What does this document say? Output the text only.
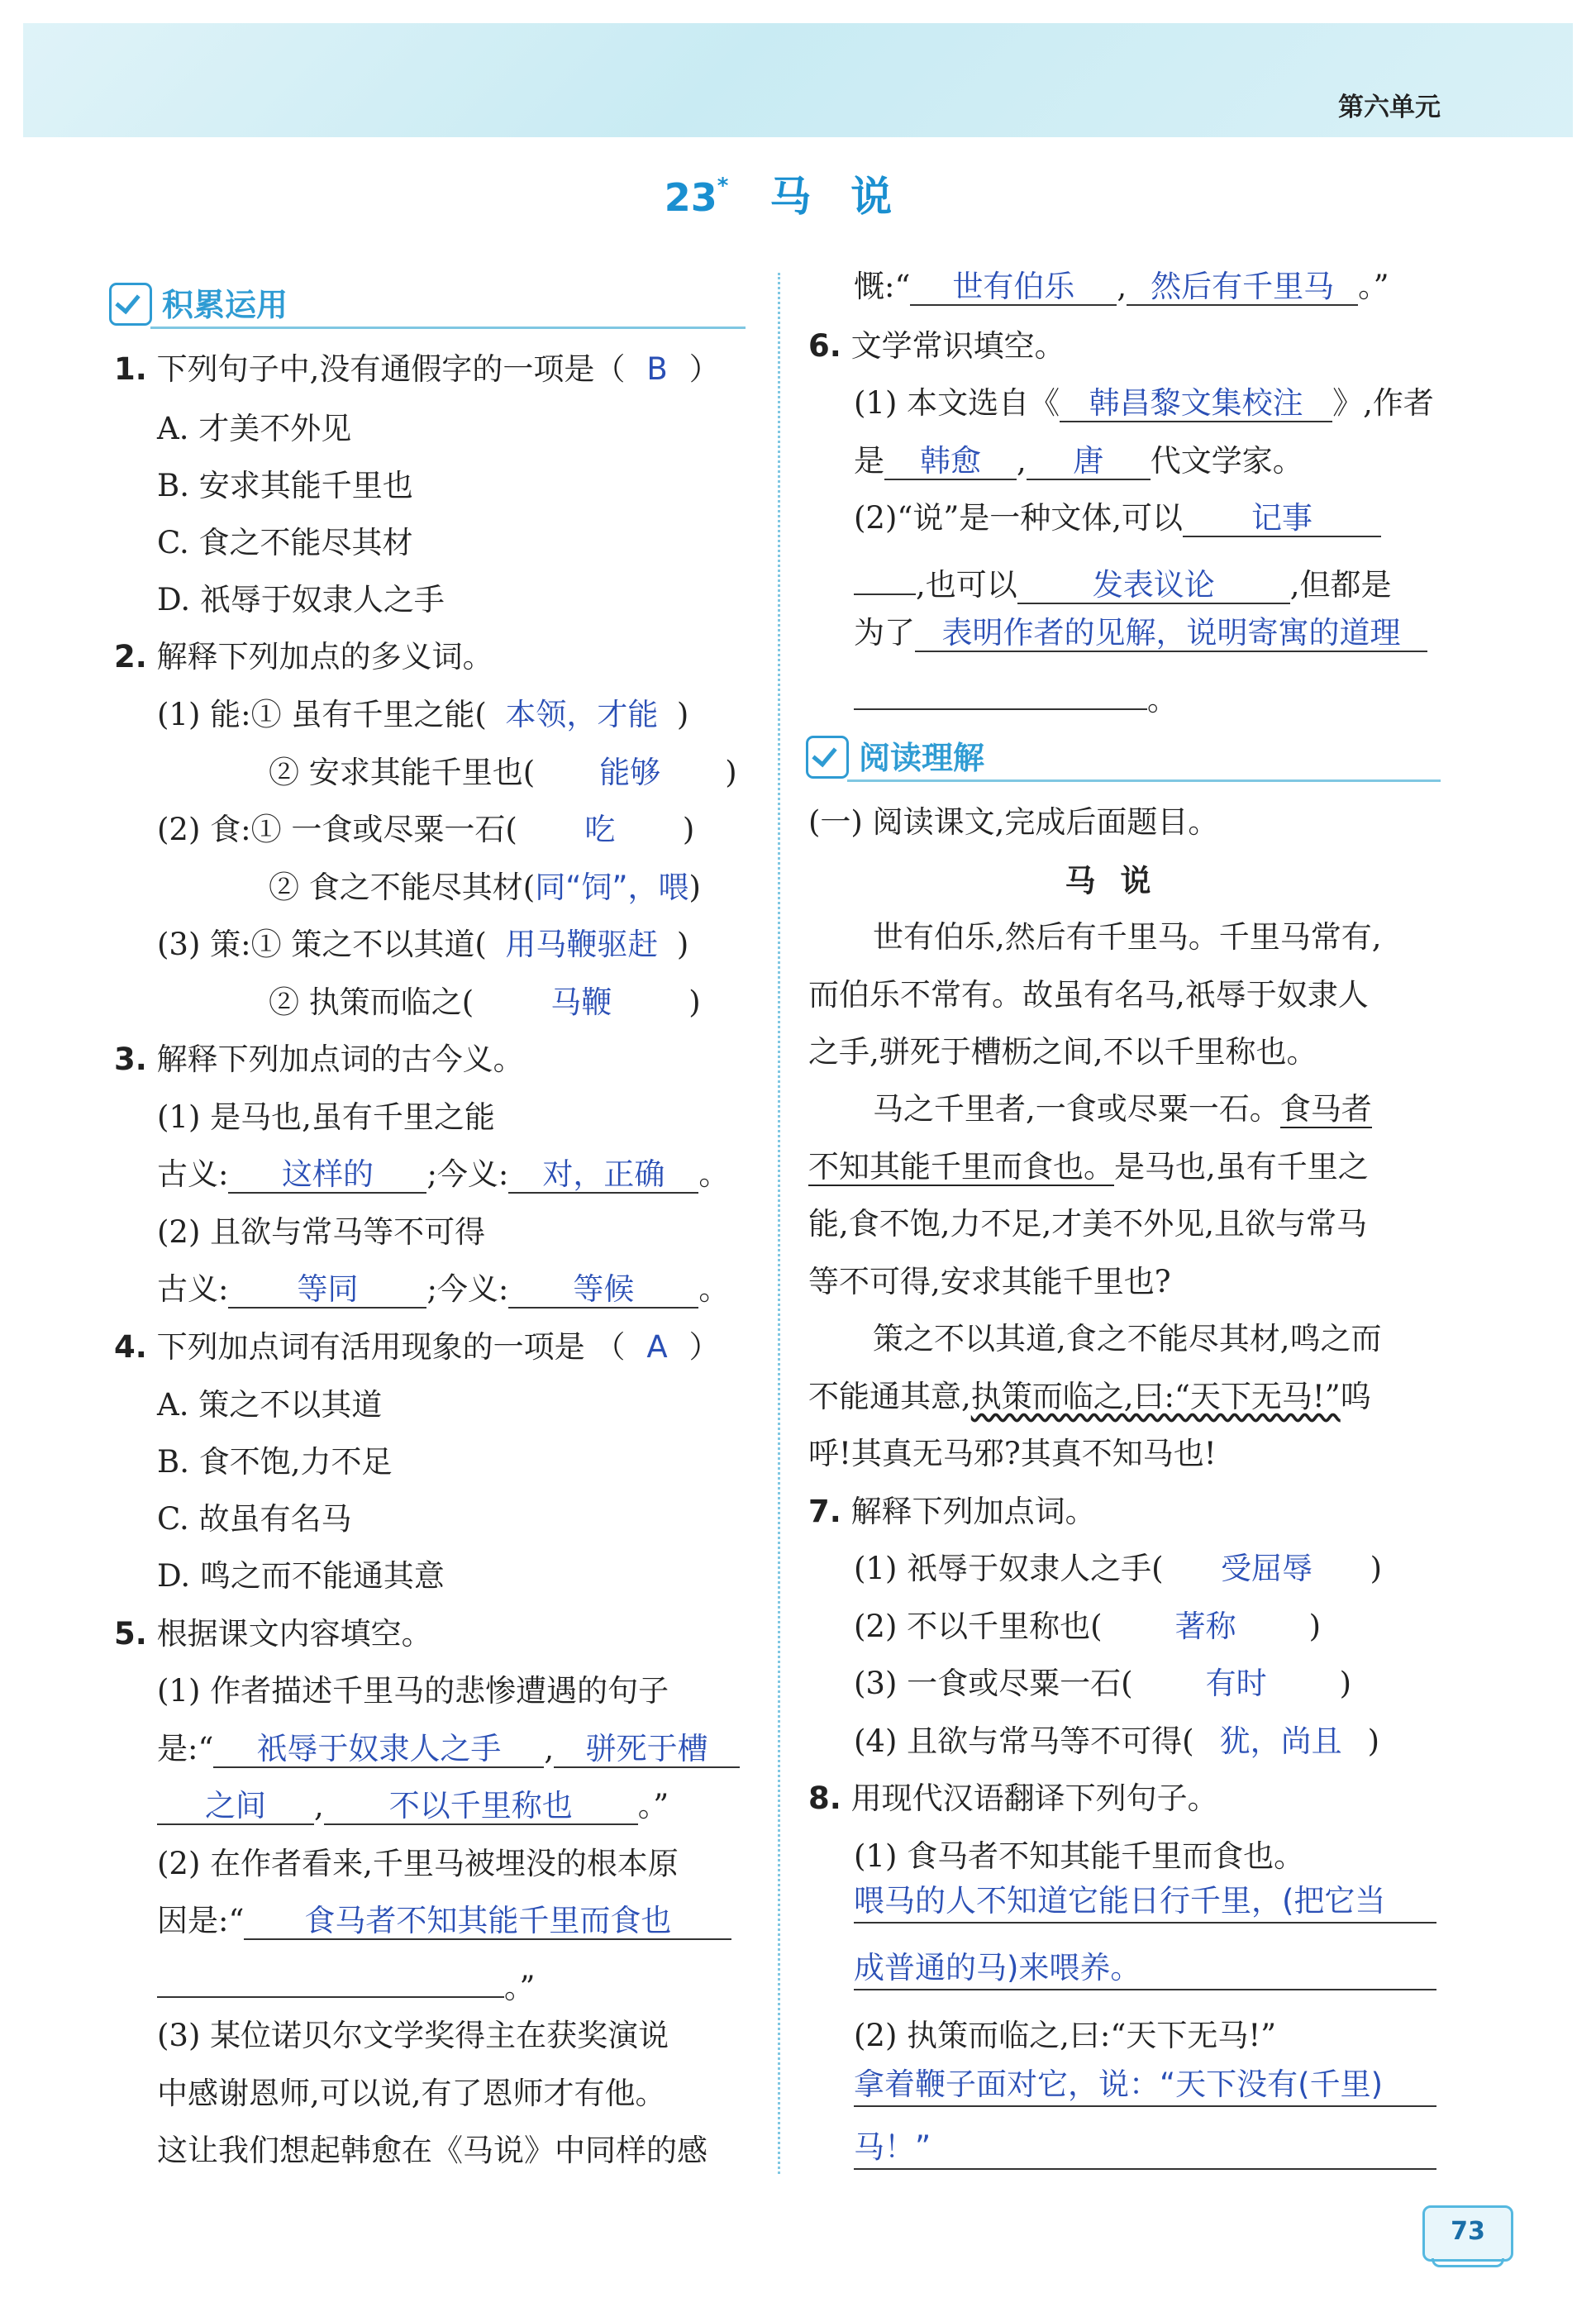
第六单元
23* 马说
积累运用
1. 下列句子中,没有通假字的一项是（ B ）
A. 才美不外见
B. 安求其能千里也
C. 食之不能尽其材
D. 祇辱于奴隶人之手
2. 解释下列加点的多义词。
(1) 能:① 虽有千里之能( 本领，才能 )
② 安求其能千里也( 能够 )
(2) 食:① 一食或尽粟一石( 吃 )
② 食之不能尽其材(同“饲”，喂)
(3) 策:① 策之不以其道( 用马鞭驱赶 )
② 执策而临之(	马鞭	)
3. 解释下列加点词的古今义。
(1) 是马也,虽有千里之能
古义: 这样的 ;今义: 对，正确 。
(2) 且欲与常马等不可得
古义: 等同 ;今义: 等候 。
4. 下列加点词有活用现象的一项是 （ A ）
A. 策之不以其道
B. 食不饱,力不足
C. 故虽有名马
D. 鸣之而不能通其意
5. 根据课文内容填空。
(1) 作者描述千里马的悲惨遭遇的句子
是:“ 祇辱于奴隶人之手 , 骈死于槽
之间 , 不以千里称也 。”
(2) 在作者看来,千里马被埋没的根本原
因是:“ 食马者不知其能千里而食也
。”
(3) 某位诺贝尔文学奖得主在获奖演说
中感谢恩师,可以说,有了恩师才有他。
这让我们想起韩愈在《马说》中同样的感
慨:“ 世有伯乐 , 然后有千里马 。”
6. 文学常识填空。
(1) 本文选自《 韩昌黎文集校注 》,作者
是 韩愈 , 唐 代文学家。
(2)“说”是一种文体,可以 记事
,也可以 发表议论 ,但都是
为了 表明作者的见解，说明寄寓的道理
。
阅读理解
(一) 阅读课文,完成后面题目。
马说
世有伯乐,然后有千里马。千里马常有,
而伯乐不常有。故虽有名马,祇辱于奴隶人
之手,骈死于槽枥之间,不以千里称也。
马之千里者,一食或尽粟一石。食马者
不知其能千里而食也。是马也,虽有千里之
能,食不饱,力不足,才美不外见,且欲与常马
等不可得,安求其能千里也?
策之不以其道,食之不能尽其材,鸣之而
不能通其意,执策而临之,曰:“天下无马!”呜
呼!其真无马邪?其真不知马也!
7. 解释下列加点词。
(1) 祇辱于奴隶人之手( 受屈辱 )
(2) 不以千里称也( 著称 )
(3) 一食或尽粟一石( 有时 )
(4) 且欲与常马等不可得( 犹，尚且 )
8. 用现代汉语翻译下列句子。
(1) 食马者不知其能千里而食也。
喂马的人不知道它能日行千里，(把它当
成普通的马)来喂养。
(2) 执策而临之,曰:“天下无马!”
拿着鞭子面对它，说：“天下没有(千里)
马！”
73
